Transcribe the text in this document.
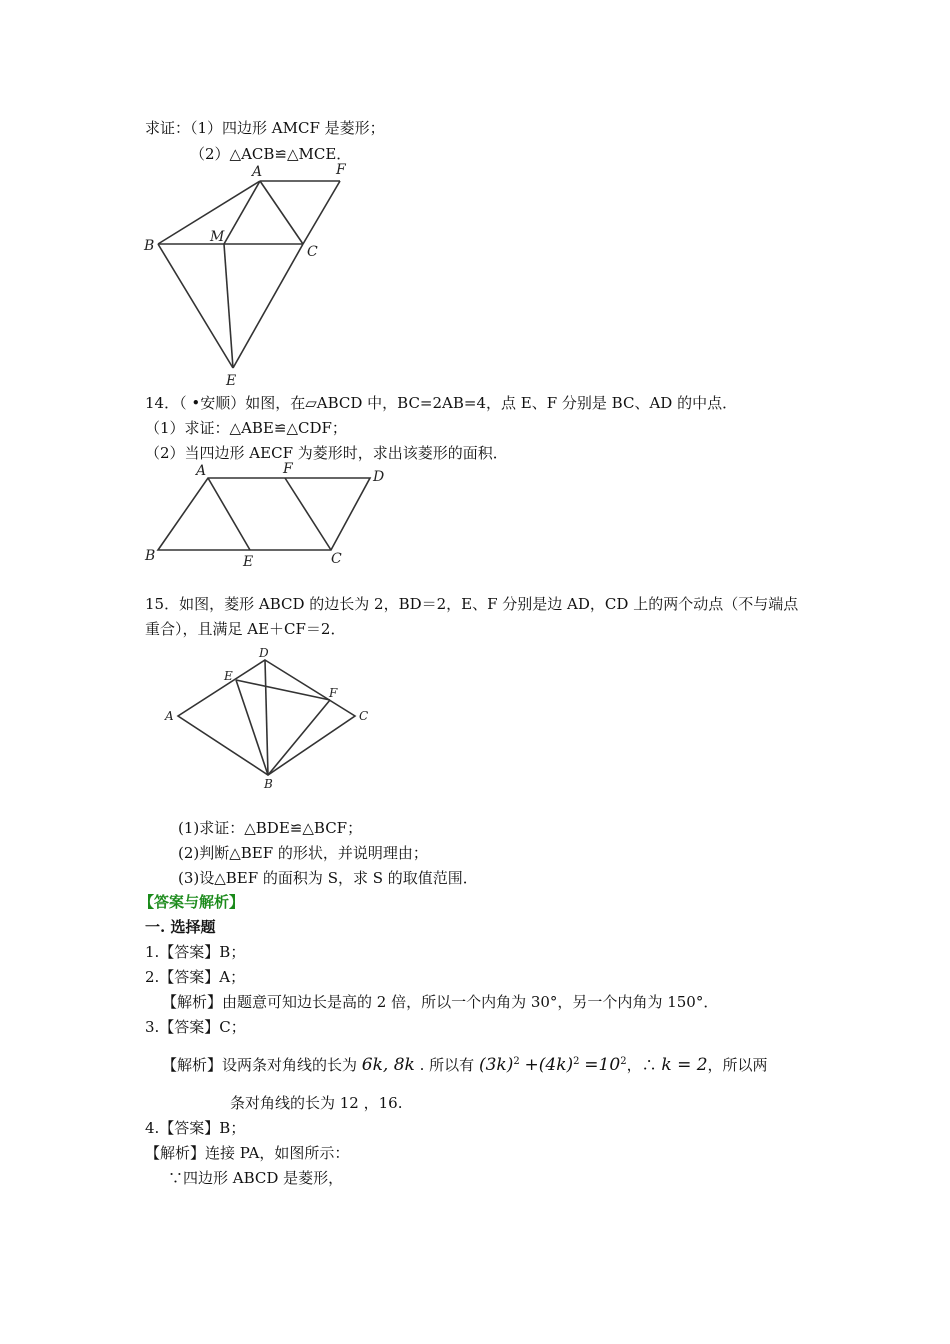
求证：（1）四边形 AMCF 是菱形；
（2）△ACB≌△MCE．
A	F
B
M
C
E
14．（ •安顺）如图，在▱ABCD 中，BC=2AB=4，点 E、F 分别是 BC、AD 的中点．
（1）求证：△ABE≌△CDF；
（2）当四边形 AECF 为菱形时，求出该菱形的面积．
A	F	D
B	E	C
15．如图，菱形 ABCD 的边长为 2，BD＝2，E、F 分别是边 AD，CD 上的两个动点（不与端点
重合），且满足 AE＋CF＝2．
D
E
F
A	C
B
(1)求证：△BDE≌△BCF；
(2)判断△BEF 的形状，并说明理由；
(3)设△BEF 的面积为 S，求 S 的取值范围．
【答案与解析】
一. 选择题
1.【答案】B；
2.【答案】A；
【解析】由题意可知边长是高的 2 倍，所以一个内角为 30°，另一个内角为 150°．
3.【答案】C；
【解析】设两条对角线的长为 6k, 8k . 所以有 $(3k)^2 +(4k)^2 =10^2$，∴ k = 2，所以两
条对角线的长为 12 ，16.
4.【答案】B；
【解析】连接 PA，如图所示：
∵四边形 ABCD 是菱形，
